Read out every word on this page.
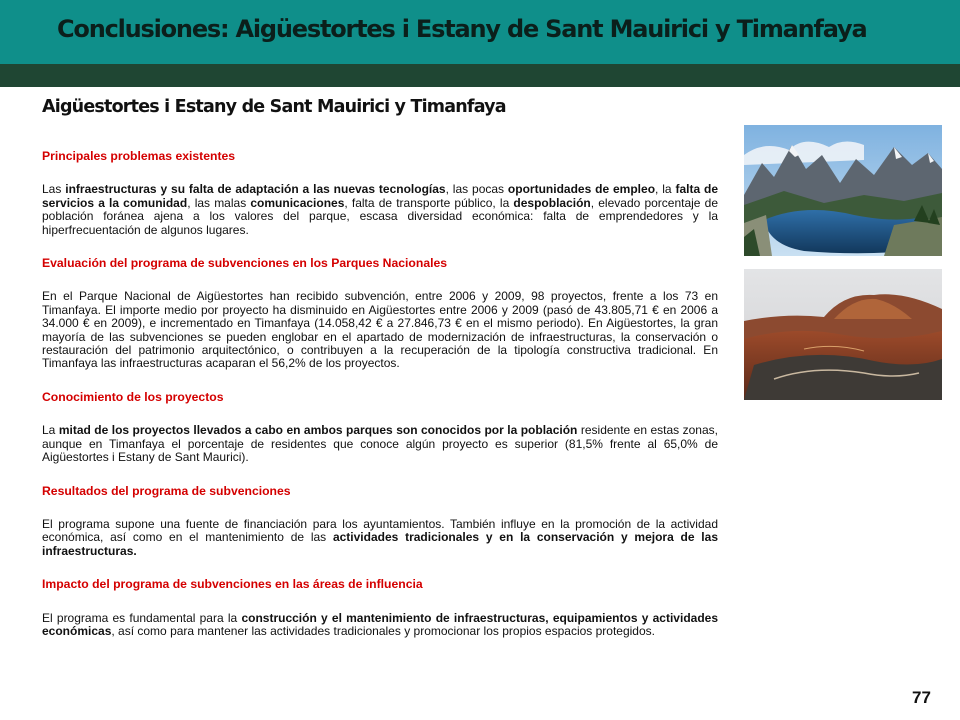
Conclusiones: Aigüestortes i Estany de Sant Mauirici y Timanfaya
Aigüestortes i Estany de Sant Mauirici y Timanfaya

Principales problemas existentes

Las infraestructuras y su falta de adaptación a las nuevas tecnologías, las pocas oportunidades de empleo, la falta de servicios a la comunidad, las malas comunicaciones, falta de transporte público, la despoblación, elevado porcentaje de población foránea ajena a los valores del parque, escasa diversidad económica: falta de emprendedores y la hiperfrecuentación de algunos lugares.

Evaluación del programa de subvenciones en los Parques Nacionales

En el Parque Nacional de Aigüestortes han recibido subvención, entre 2006 y 2009, 98 proyectos, frente a los 73 en Timanfaya. El importe medio por proyecto ha disminuido en Aigüestortes entre 2006 y 2009 (pasó de 43.805,71 € en 2006 a 34.000 € en 2009), e incrementado en Timanfaya (14.058,42 € a 27.846,73 € en el mismo periodo). En Aigüestortes, la gran mayoría de las subvenciones se pueden englobar en el apartado de modernización de infraestructuras, la conservación o restauración del patrimonio arquitectónico, o contribuyen a la recuperación de la tipología constructiva tradicional. En Timanfaya las infraestructuras acaparan el 56,2% de los proyectos.

Conocimiento de los proyectos

La mitad de los proyectos llevados a cabo en ambos parques son conocidos por la población residente en estas zonas, aunque en Timanfaya el porcentaje de residentes que conoce algún proyecto es superior (81,5% frente al 65,0% de Aigüestortes i Estany de Sant Maurici).

Resultados del programa de subvenciones

El programa supone una fuente de financiación para los ayuntamientos. También influye en la promoción de la actividad económica, así como en el mantenimiento de las actividades tradicionales y en la conservación y mejora de las infraestructuras.

Impacto del programa de subvenciones en las áreas de influencia

El programa es fundamental para la construcción y el mantenimiento de infraestructuras, equipamientos y actividades económicas, así como para mantener las actividades tradicionales y promocionar los propios espacios protegidos.

77
